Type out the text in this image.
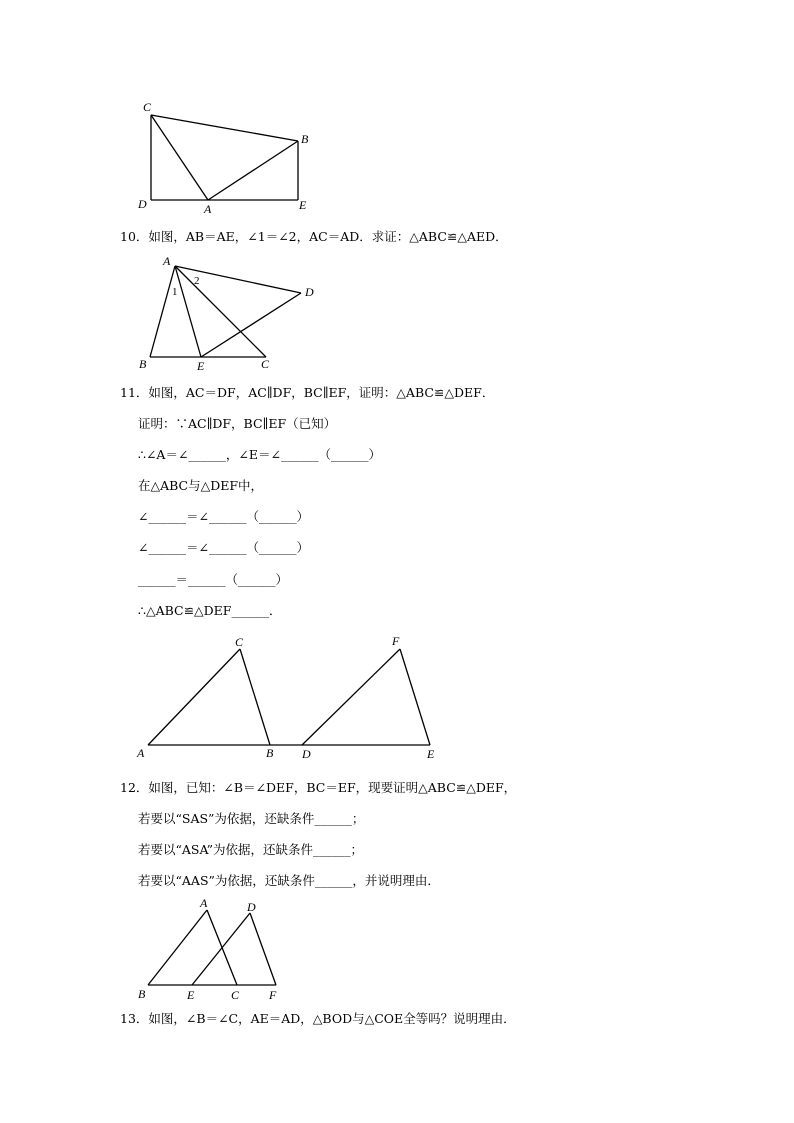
C
B
D	A	E
10．如图，AB＝AE，∠1＝∠2，AC＝AD．求证：△ABC≌△AED．
A
D
B	E	C
1
2
11．如图，AC＝DF，AC∥DF，BC∥EF，证明：△ABC≌△DEF．
证明：∵AC∥DF，BC∥EF（已知）
∴∠A＝∠______，∠E＝∠______（______）
在△ABC与△DEF中，
∠______＝∠______（______）
∠______＝∠______（______）
______＝______（______）
∴△ABC≌△DEF______．
A	B
C
D	E
F
12．如图，已知：∠B＝∠DEF，BC＝EF，现要证明△ABC≌△DEF，
若要以“SAS”为依据，还缺条件______；
若要以“ASA”为依据，还缺条件______；
若要以“AAS”为依据，还缺条件______，并说明理由．
A	D
B	E	C F
13．如图，∠B＝∠C，AE＝AD，△BOD与△COE全等吗？说明理由．
